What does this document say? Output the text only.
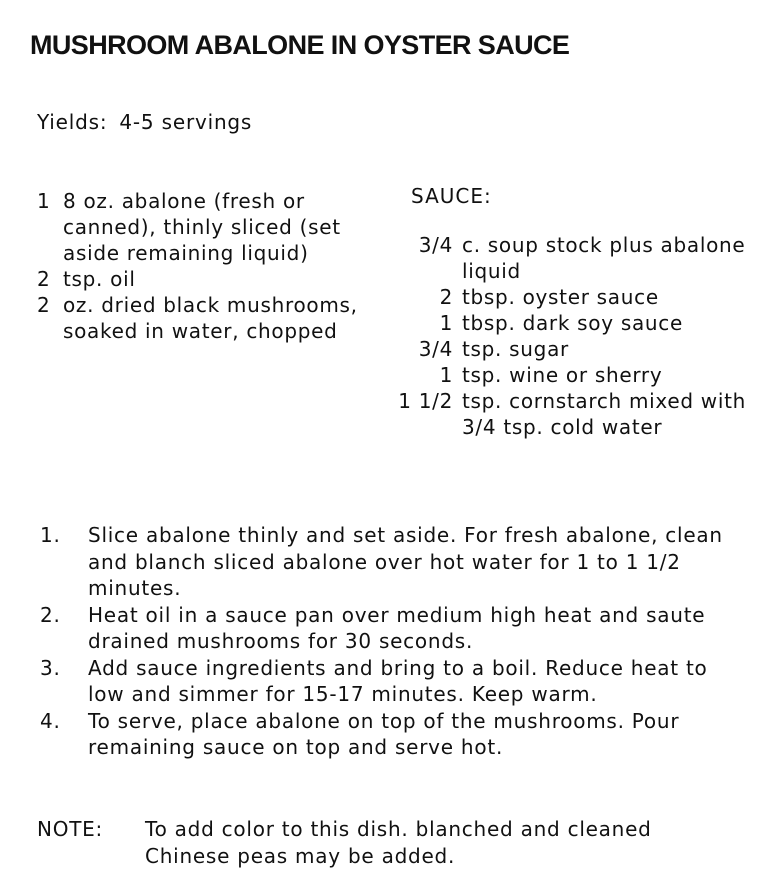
MUSHROOM ABALONE IN OYSTER SAUCE
Yields: 4-5 servings
1 8 oz. abalone (fresh or canned), thinly sliced (set aside remaining liquid)
2 tsp. oil
2 oz. dried black mushrooms, soaked in water, chopped
SAUCE:
3/4 c. soup stock plus abalone liquid
2 tbsp. oyster sauce
1 tbsp. dark soy sauce
3/4 tsp. sugar
1 tsp. wine or sherry
1 1/2 tsp. cornstarch mixed with 3/4 tsp. cold water
1.	Slice abalone thinly and set aside. For fresh abalone, clean and blanch sliced abalone over hot water for 1 to 1 1/2 minutes.
2.	Heat oil in a sauce pan over medium high heat and saute drained mushrooms for 30 seconds.
3.	Add sauce ingredients and bring to a boil. Reduce heat to low and simmer for 15-17 minutes. Keep warm.
4.	To serve, place abalone on top of the mushrooms. Pour remaining sauce on top and serve hot.
NOTE:	To add color to this dish. blanched and cleaned Chinese peas may be added.
